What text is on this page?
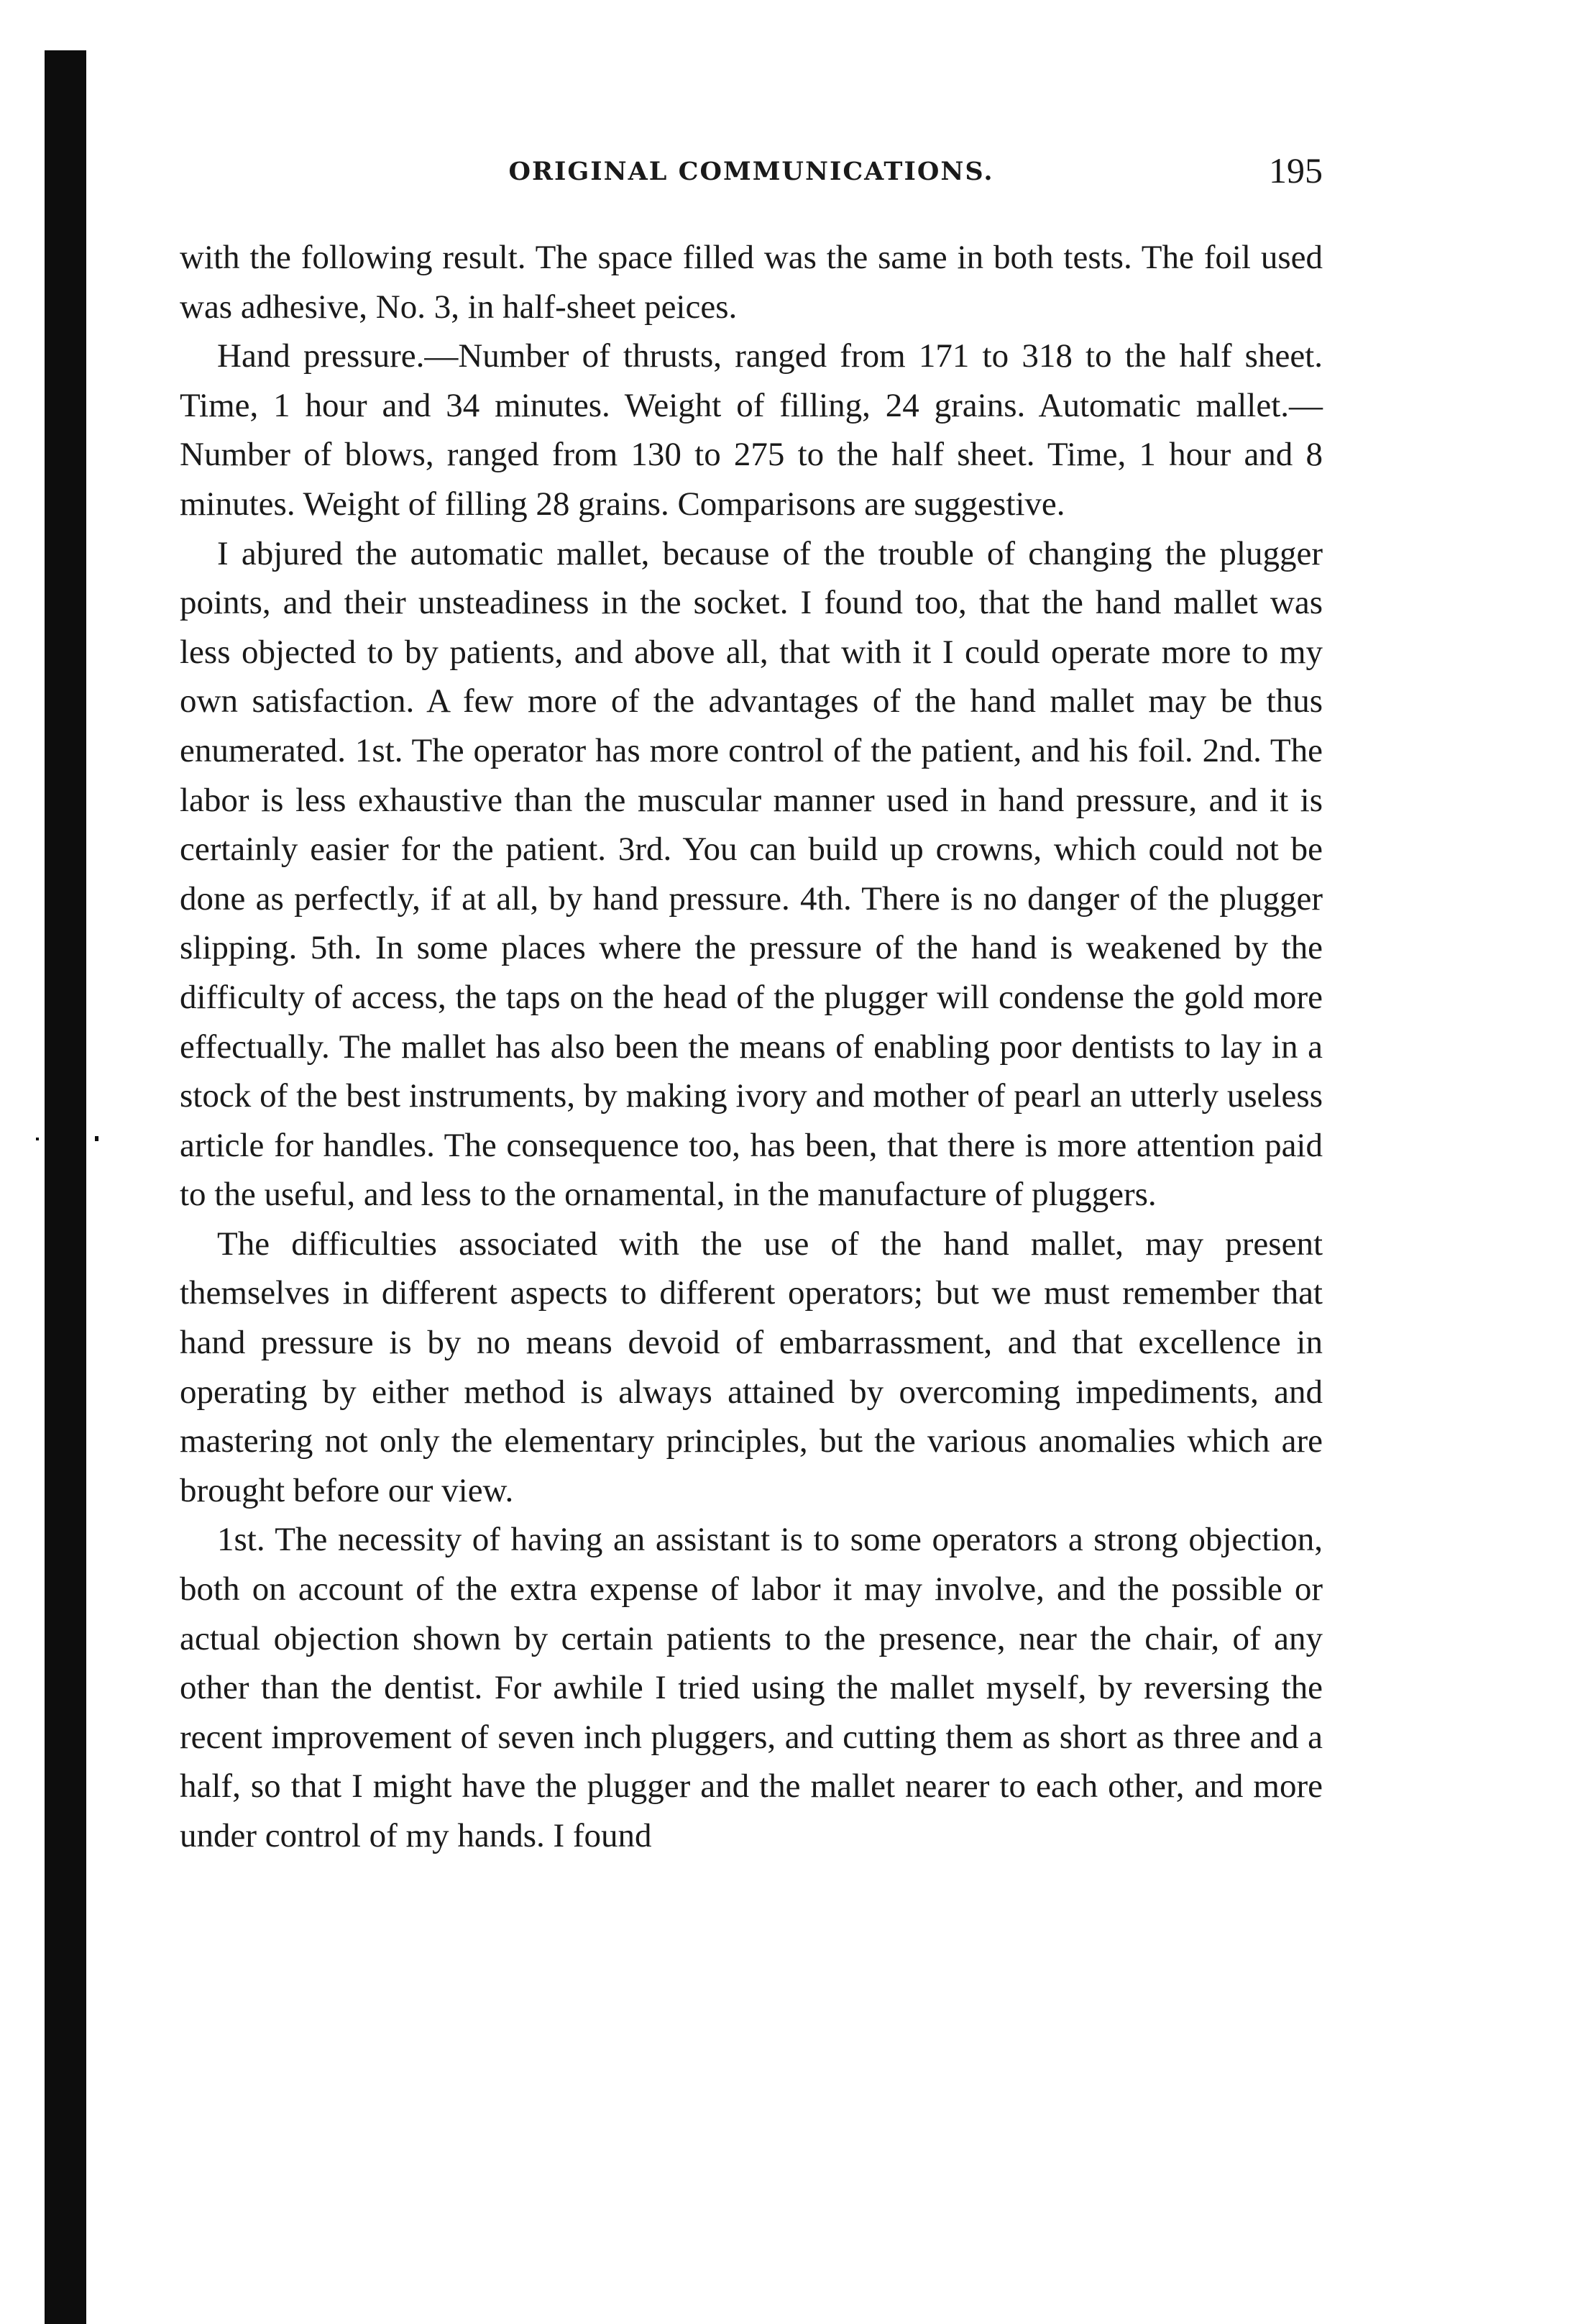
ORIGINAL COMMUNICATIONS.	195

with the following result. The space filled was the same in both tests. The foil used was adhesive, No. 3, in half-sheet peices.

Hand pressure.—Number of thrusts, ranged from 171 to 318 to the half sheet. Time, 1 hour and 34 minutes. Weight of filling, 24 grains. Automatic mallet.—Number of blows, ranged from 130 to 275 to the half sheet. Time, 1 hour and 8 minutes. Weight of filling 28 grains. Comparisons are suggestive.

I abjured the automatic mallet, because of the trouble of changing the plugger points, and their unsteadiness in the socket. I found too, that the hand mallet was less objected to by patients, and above all, that with it I could operate more to my own satisfaction. A few more of the advantages of the hand mallet may be thus enumerated. 1st. The operator has more control of the patient, and his foil. 2nd. The labor is less exhaustive than the muscular manner used in hand pressure, and it is certainly easier for the patient. 3rd. You can build up crowns, which could not be done as perfectly, if at all, by hand pressure. 4th. There is no danger of the plugger slipping. 5th. In some places where the pressure of the hand is weakened by the difficulty of access, the taps on the head of the plugger will condense the gold more effectually. The mallet has also been the means of enabling poor dentists to lay in a stock of the best instruments, by making ivory and mother of pearl an utterly useless article for handles. The consequence too, has been, that there is more attention paid to the useful, and less to the ornamental, in the manufacture of pluggers.

The difficulties associated with the use of the hand mallet, may present themselves in different aspects to different operators; but we must remember that hand pressure is by no means devoid of embarrassment, and that excellence in operating by either method is always attained by overcoming impediments, and mastering not only the elementary principles, but the various anomalies which are brought before our view.

1st. The necessity of having an assistant is to some operators a strong objection, both on account of the extra expense of labor it may involve, and the possible or actual objection shown by certain patients to the presence, near the chair, of any other than the dentist. For awhile I tried using the mallet myself, by reversing the recent improvement of seven inch pluggers, and cutting them as short as three and a half, so that I might have the plugger and the mallet nearer to each other, and more under control of my hands. I found
